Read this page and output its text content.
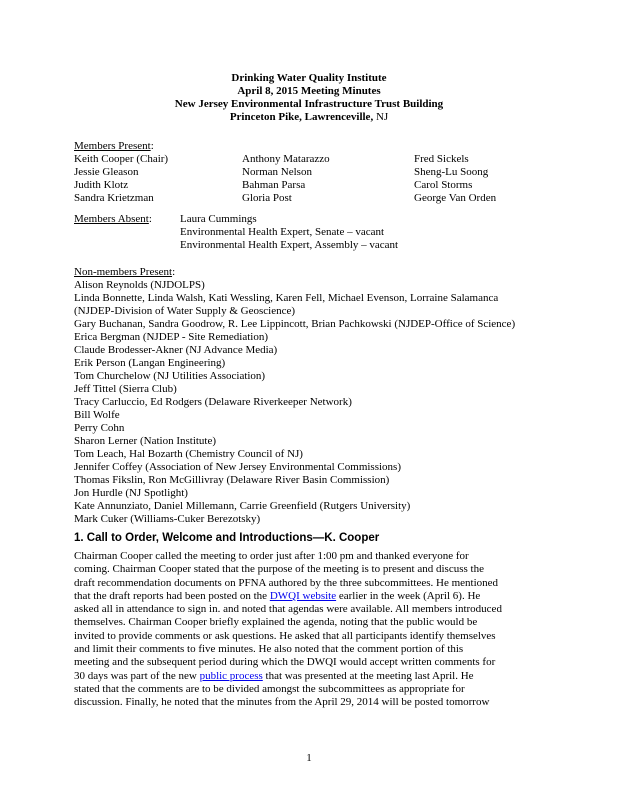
Drinking Water Quality Institute
April 8, 2015 Meeting Minutes
New Jersey Environmental Infrastructure Trust Building
Princeton Pike, Lawrenceville, NJ
Members Present:
Keith Cooper (Chair)
Jessie Gleason
Judith Klotz
Sandra Krietzman
Anthony Matarazzo
Norman Nelson
Bahman Parsa
Gloria Post
Fred Sickels
Sheng-Lu Soong
Carol Storms
George Van Orden
Members Absent:	Laura Cummings
Environmental Health Expert, Senate – vacant
Environmental Health Expert, Assembly – vacant
Non-members Present:
Alison Reynolds (NJDOLPS)
Linda Bonnette, Linda Walsh, Kati Wessling, Karen Fell, Michael Evenson, Lorraine Salamanca
(NJDEP-Division of Water Supply & Geoscience)
Gary Buchanan, Sandra Goodrow, R. Lee Lippincott, Brian Pachkowski (NJDEP-Office of Science)
Erica Bergman (NJDEP - Site Remediation)
Claude Brodesser-Akner (NJ Advance Media)
Erik Person (Langan Engineering)
Tom Churchelow (NJ Utilities Association)
Jeff Tittel (Sierra Club)
Tracy Carluccio, Ed Rodgers (Delaware Riverkeeper Network)
Bill Wolfe
Perry Cohn
Sharon Lerner (Nation Institute)
Tom Leach, Hal Bozarth (Chemistry Council of NJ)
Jennifer Coffey (Association of New Jersey Environmental Commissions)
Thomas Fikslin, Ron McGillivray (Delaware River Basin Commission)
Jon Hurdle (NJ Spotlight)
Kate Annunziato, Daniel Millemann, Carrie Greenfield (Rutgers University)
Mark Cuker (Williams-Cuker Berezotsky)
1. Call to Order, Welcome and Introductions—K. Cooper
Chairman Cooper called the meeting to order just after 1:00 pm and thanked everyone for
coming. Chairman Cooper stated that the purpose of the meeting is to present and discuss the
draft recommendation documents on PFNA authored by the three subcommittees. He mentioned
that the draft reports had been posted on the DWQI website earlier in the week (April 6). He
asked all in attendance to sign in. and noted that agendas were available. All members introduced
themselves. Chairman Cooper briefly explained the agenda, noting that the public would be
invited to provide comments or ask questions. He asked that all participants identify themselves
and limit their comments to five minutes. He also noted that the comment portion of this
meeting and the subsequent period during which the DWQI would accept written comments for
30 days was part of the new public process that was presented at the meeting last April. He
stated that the comments are to be divided amongst the subcommittees as appropriate for
discussion. Finally, he noted that the minutes from the April 29, 2014 will be posted tomorrow
1
